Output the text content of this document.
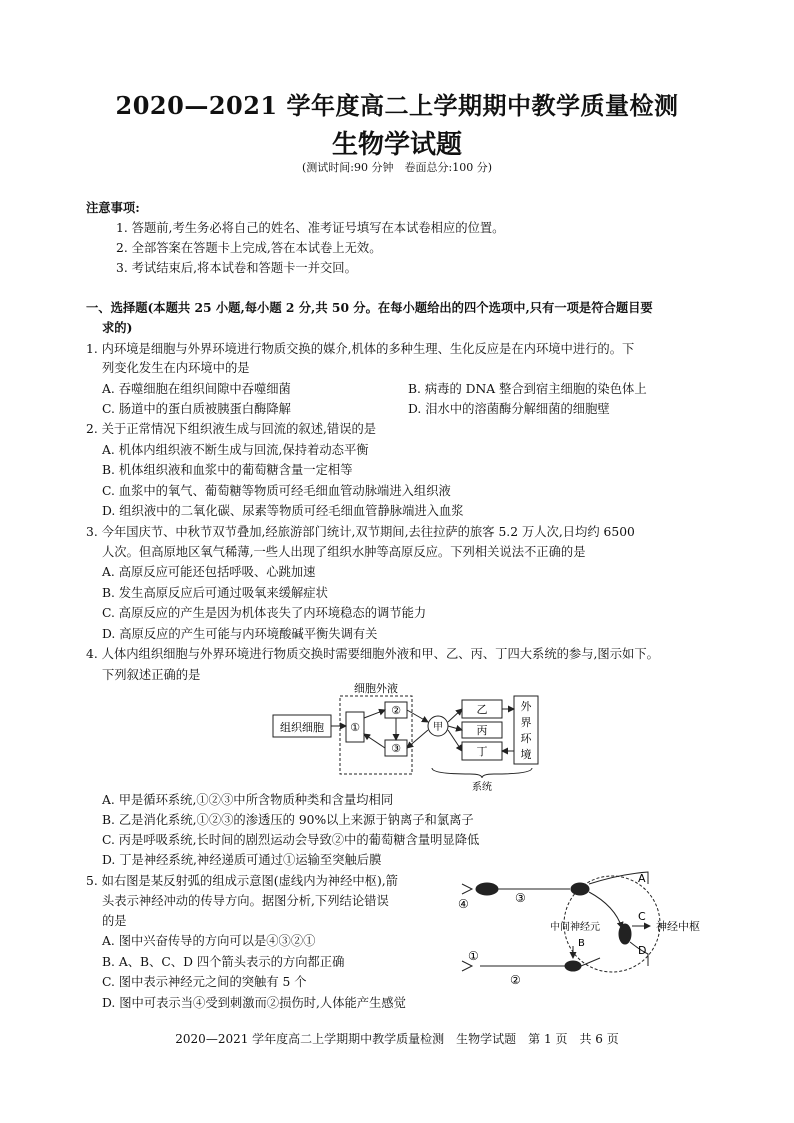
2020—2021 学年度高二上学期期中教学质量检测
生物学试题
(测试时间:90 分钟　卷面总分:100 分)
注意事项:
1. 答题前,考生务必将自己的姓名、准考证号填写在本试卷相应的位置。
2. 全部答案在答题卡上完成,答在本试卷上无效。
3. 考试结束后,将本试卷和答题卡一并交回。
一、选择题(本题共 25 小题,每小题 2 分,共 50 分。在每小题给出的四个选项中,只有一项是符合题目要
求的)
1. 内环境是细胞与外界环境进行物质交换的媒介,机体的多种生理、生化反应是在内环境中进行的。下
列变化发生在内环境中的是
A. 吞噬细胞在组织间隙中吞噬细菌	B. 病毒的 DNA 整合到宿主细胞的染色体上
C. 肠道中的蛋白质被胰蛋白酶降解	D. 泪水中的溶菌酶分解细菌的细胞壁
2. 关于正常情况下组织液生成与回流的叙述,错误的是
A. 机体内组织液不断生成与回流,保持着动态平衡
B. 机体组织液和血浆中的葡萄糖含量一定相等
C. 血浆中的氧气、葡萄糖等物质可经毛细血管动脉端进入组织液
D. 组织液中的二氧化碳、尿素等物质可经毛细血管静脉端进入血浆
3. 今年国庆节、中秋节双节叠加,经旅游部门统计,双节期间,去往拉萨的旅客 5.2 万人次,日均约 6500
人次。但高原地区氧气稀薄,一些人出现了组织水肿等高原反应。下列相关说法不正确的是
A. 高原反应可能还包括呼吸、心跳加速
B. 发生高原反应后可通过吸氧来缓解症状
C. 高原反应的产生是因为机体丧失了内环境稳态的调节能力
D. 高原反应的产生可能与内环境酸碱平衡失调有关
4. 人体内组织细胞与外界环境进行物质交换时需要细胞外液和甲、乙、丙、丁四大系统的参与,图示如下。
下列叙述正确的是
组织细胞
细胞外液
①
②
③
甲
乙
丙
丁
外
界
环
境
系统
A. 甲是循环系统,①②③中所含物质种类和含量均相同
B. 乙是消化系统,①②③的渗透压的 90%以上来源于钠离子和氯离子
C. 丙是呼吸系统,长时间的剧烈运动会导致②中的葡萄糖含量明显降低
D. 丁是神经系统,神经递质可通过①运输至突触后膜
5. 如右图是某反射弧的组成示意图(虚线内为神经中枢),箭
头表示神经冲动的传导方向。据图分析,下列结论错误
的是
A. 图中兴奋传导的方向可以是④③②①
B. A、B、C、D 四个箭头表示的方向都正确
C. 图中表示神经元之间的突触有 5 个
D. 图中可表示当④受到刺激而②损伤时,人体能产生感觉
④	③
①
②
A
B
C
D
中间神经元	神经中枢
2020—2021 学年度高二上学期期中教学质量检测　生物学试题　第 1 页　共 6 页
